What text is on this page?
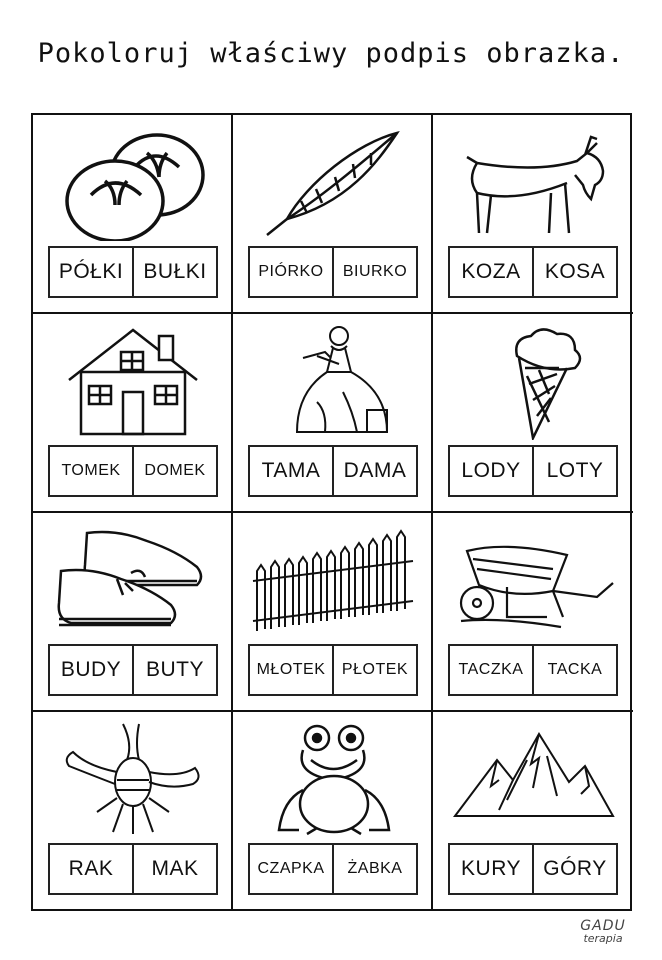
Pokoloruj właściwy podpis obrazka.
PÓŁKI BUŁKI	PIÓRKO	BIURKO	KOZA	KOSA
TOMEK	DOMEK	TAMA	DAMA	LODY	LOTY
BUDY	BUTY	MŁOTEK	PŁOTEK	TACZKA	TACKA
RAK	MAK	CZAPKA	ŻABKA	KURY	GÓRY
GADU
terapia
